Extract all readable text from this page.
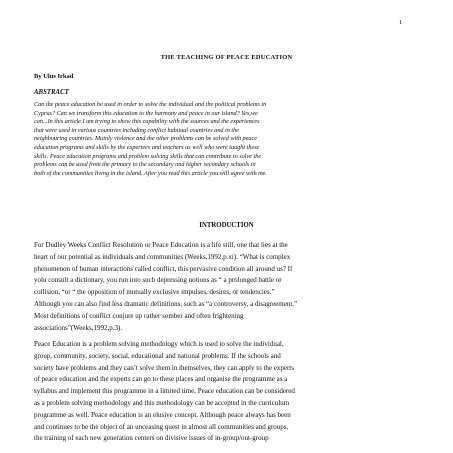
1
THE TEACHING OF PEACE EDUCATION
By Ulus Irkad
ABSTRACT
Can the peace education be used in order to solve the individual and the political problems in
Cyprus? Can we transform this education to the harmony and peace in our island? Yes,we
can...In this article I am trying to show this capability with the sources and the experiences
that were used in various countries including conflict habitual countries and in the
neighbouring countries. Mainly violence and the other problems can be solved with peace
education programs and skills by the expertees and teachers as well who were taught these
skills. Peace education programs and problem solving skills that can contribute to solve the
problems can be used from the primary to the secondary and higher secondary schools in
both of the communities living in the island. After you read this article you will agree with me.
INTRODUCTION
For Dudley Weeks Conflict Resolution or Peace Education is a life still, one that lies at the
heart of our potential as individuals and communities (Weeks,1992,p.xi). “What is complex
phenomenon of human interactions called conflict, this pervasive condition all around us? If
yolu consult a dictionary, you run into such depressing notions as “ a prolonged battle or
collision, “or “ the opposition of mutually exclusive impulses, desires, or tendencies.”
Although you can also find less dramatic definitions, such as “a controversy, a disagreement.”
Most definitions of conflict conjure up rather somber and often frightening
associations”(Weeks,1992,p.3).
Peace Education is a problem solving methodology which is used to solve the individual,
group, community, society, social, educational and national problems. If the schools and
society have problems and they can’t solve them in themselves, they can apply to the experts
of peace education and the experts can go to these places and organise the programme as a
syllabus and implement this programme in a limited time. Peace education can be considered
as a problem solving methodology and this methodology can be accepted in the curriculum
programme as well. Peace education is an elusive concept. Although peace always has been
and continues to be the object of an unceasing quest in almost all communities and groups,
the training of each new generation centers on divisive issues of in-group/out-group
